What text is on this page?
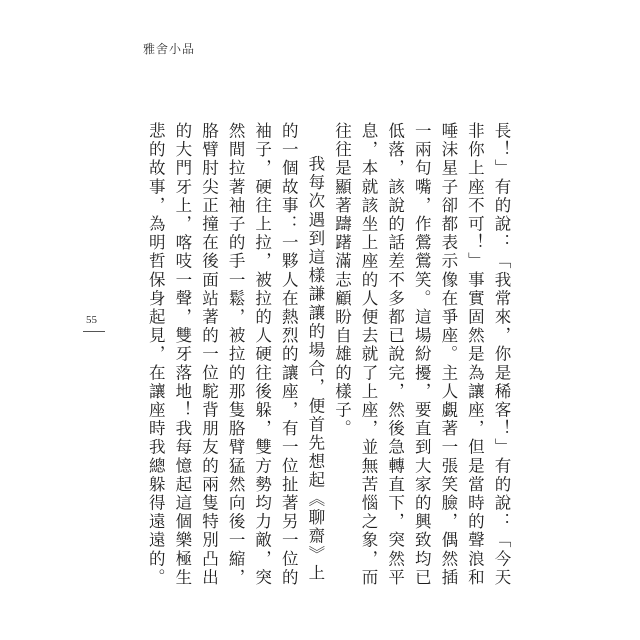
雅舍小品
55	長！」有的說：「我常來，你是稀客！」有的說：「今天非你上座不可！」事實固然是為讓座，但是當時的聲浪和唾沫星子卻都表示像在爭座。主人覷著一張笑臉，偶然插一兩句嘴，作鶯鶯笑。這場紛擾，要直到大家的興致均已低落，該說的話差不多都已說完，然後急轉直下，突然平息，本就該坐上座的人便去就了上座，並無苦惱之象，而往往是顯著躊躇滿志顧盼自雄的樣子。

我每次遇到這樣謙讓的場合，便首先想起《聊齋》上的一個故事：一夥人在熱烈的讓座，有一位扯著另一位的袖子，硬往上拉，被拉的人硬往後躲，雙方勢均力敵，突然間拉著袖子的手一鬆，被拉的那隻胳臂猛然向後一縮，胳臂肘尖正撞在後面站著的一位駝背朋友的兩隻特別凸出的大門牙上，喀吱一聲，雙牙落地！我每憶起這個樂極生悲的故事，為明哲保身起見，在讓座時我總躲得遠遠的。
